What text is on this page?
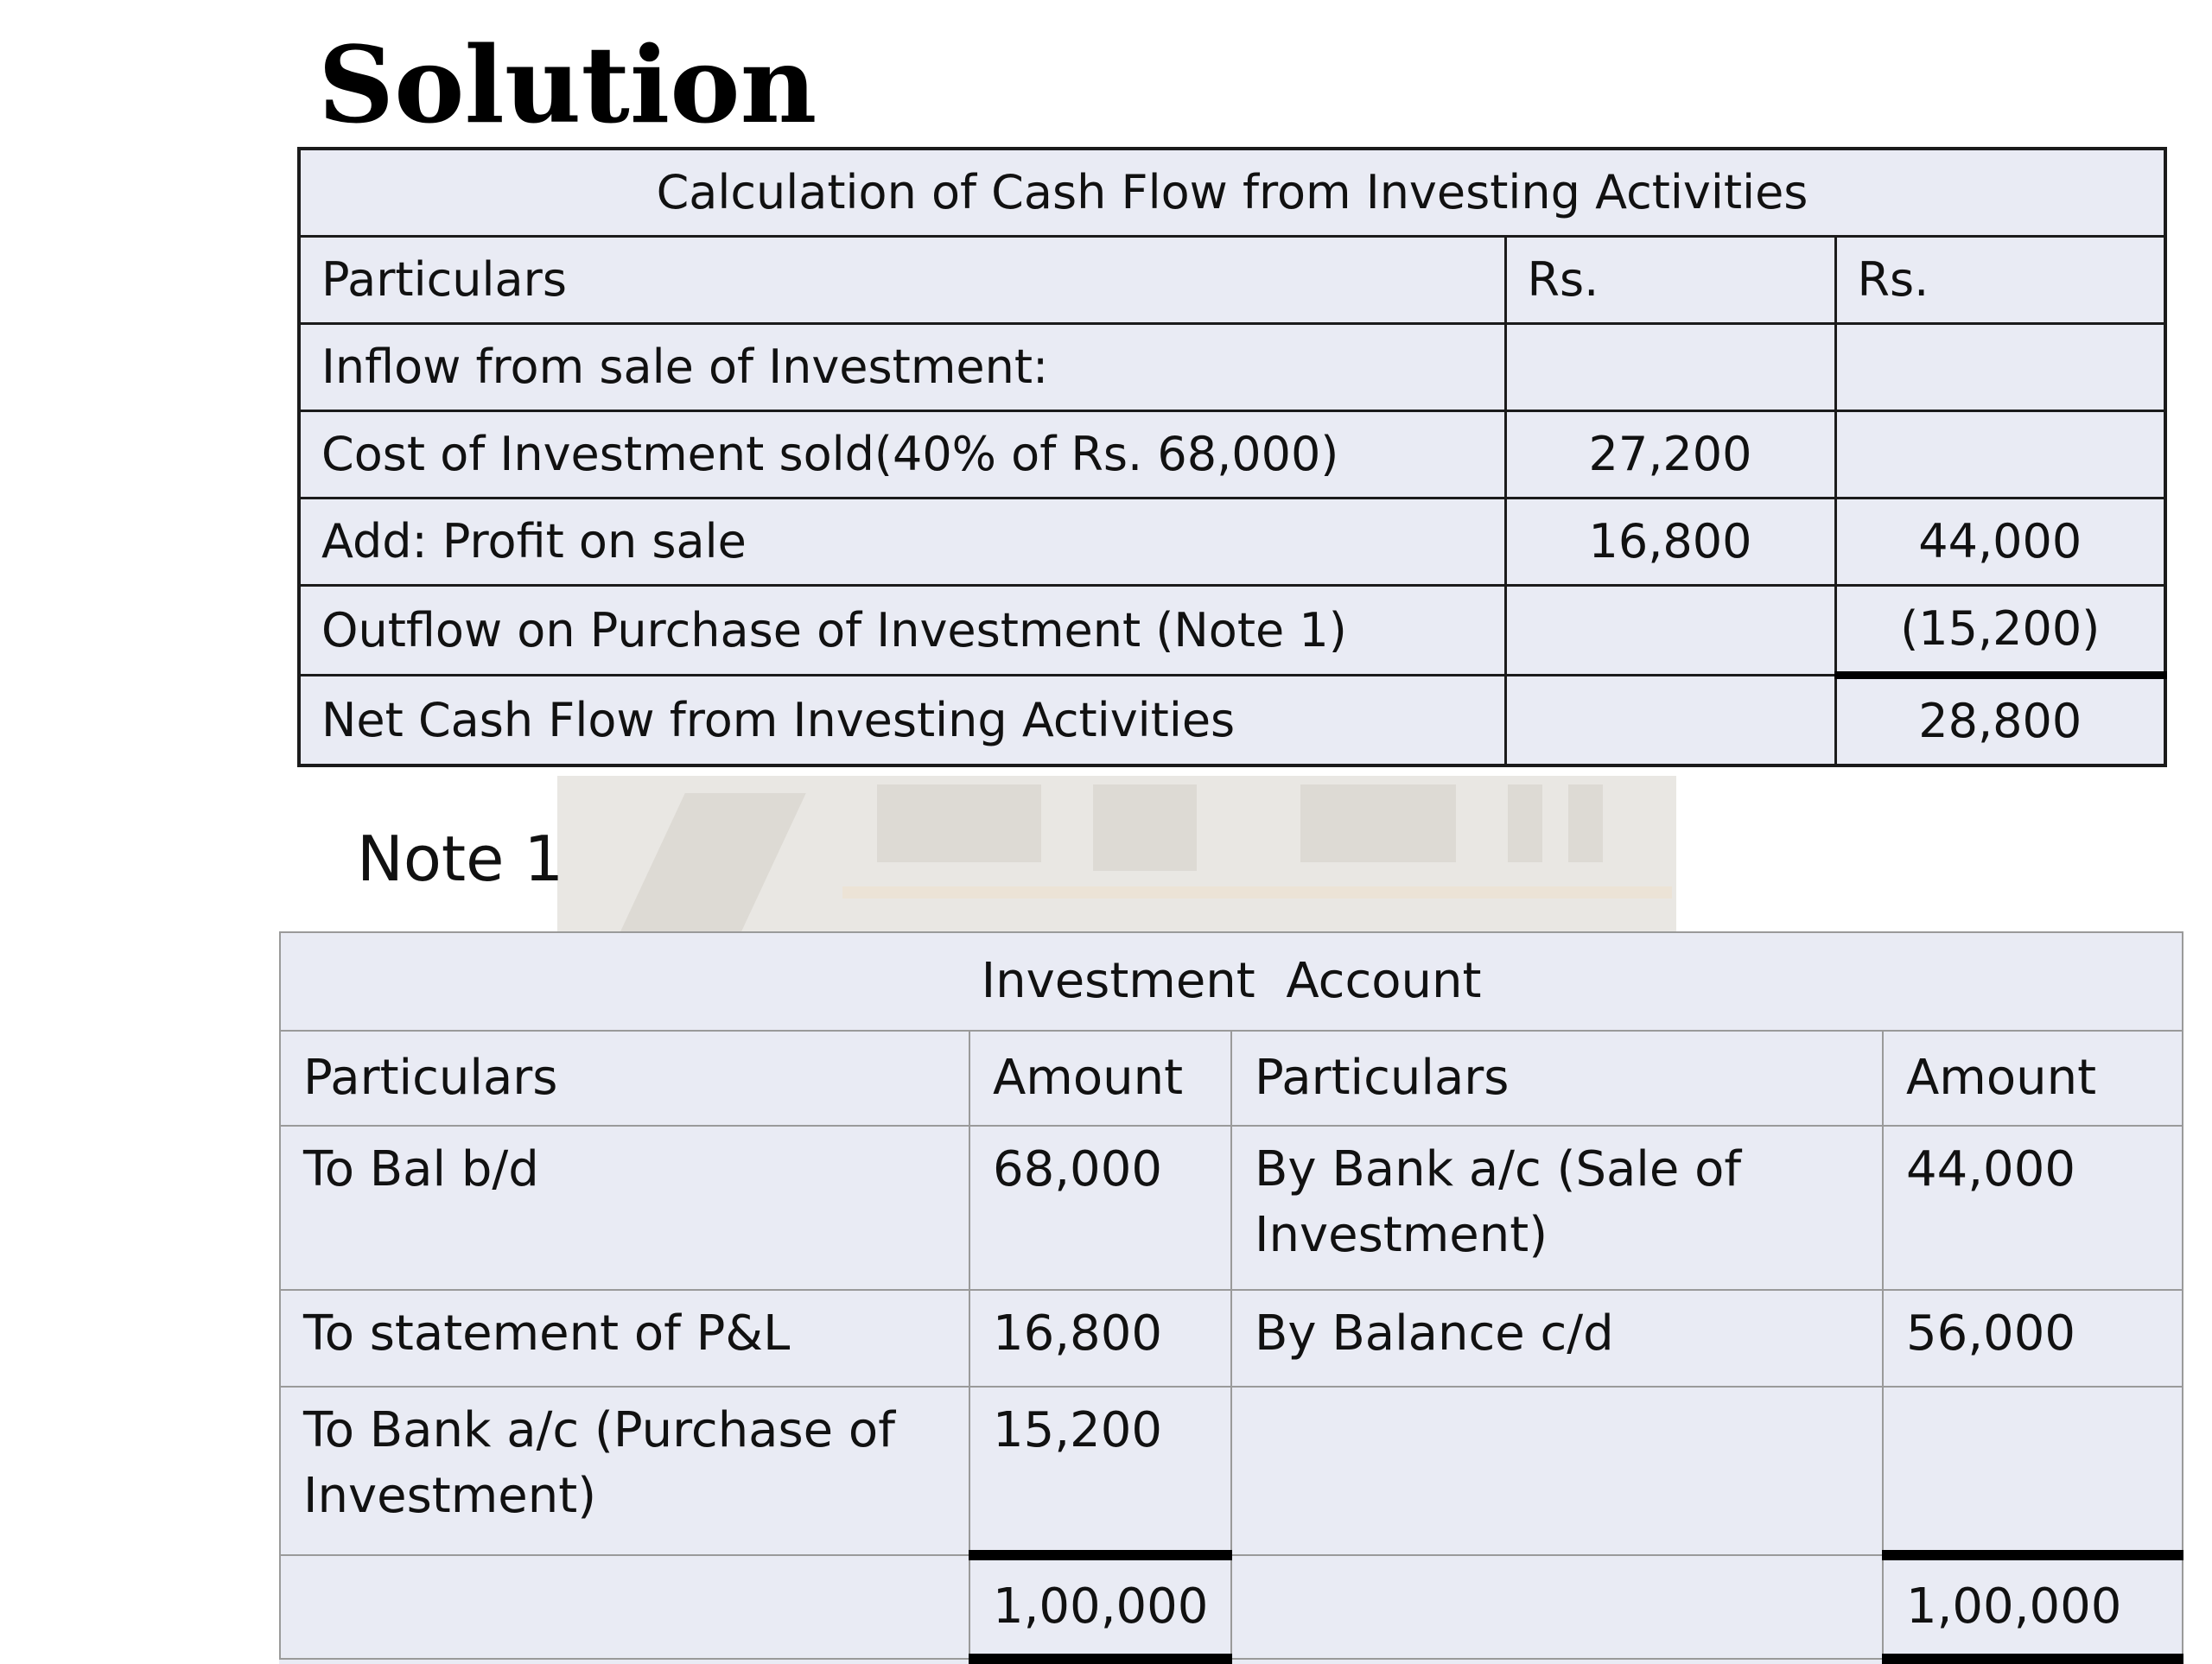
Solution
Calculation of Cash Flow from Investing Activities		
Particulars	Rs.	Rs.
Inflow from sale of Investment:		
Cost of Investment sold(40% of Rs. 68,000)	27,200	
Add: Profit on sale	16,800	44,000
Outflow on Purchase of Investment (Note 1)		(15,200)
Net Cash Flow from Investing Activities		28,800
Note 1
Investment  Account			
Particulars	Amount	Particulars	Amount
To Bal b/d	68,000	By Bank a/c (Sale of Investment)	44,000
To statement of P&L	16,800	By Balance c/d	56,000
To Bank a/c (Purchase of Investment)	15,200		
	1,00,000		1,00,000
